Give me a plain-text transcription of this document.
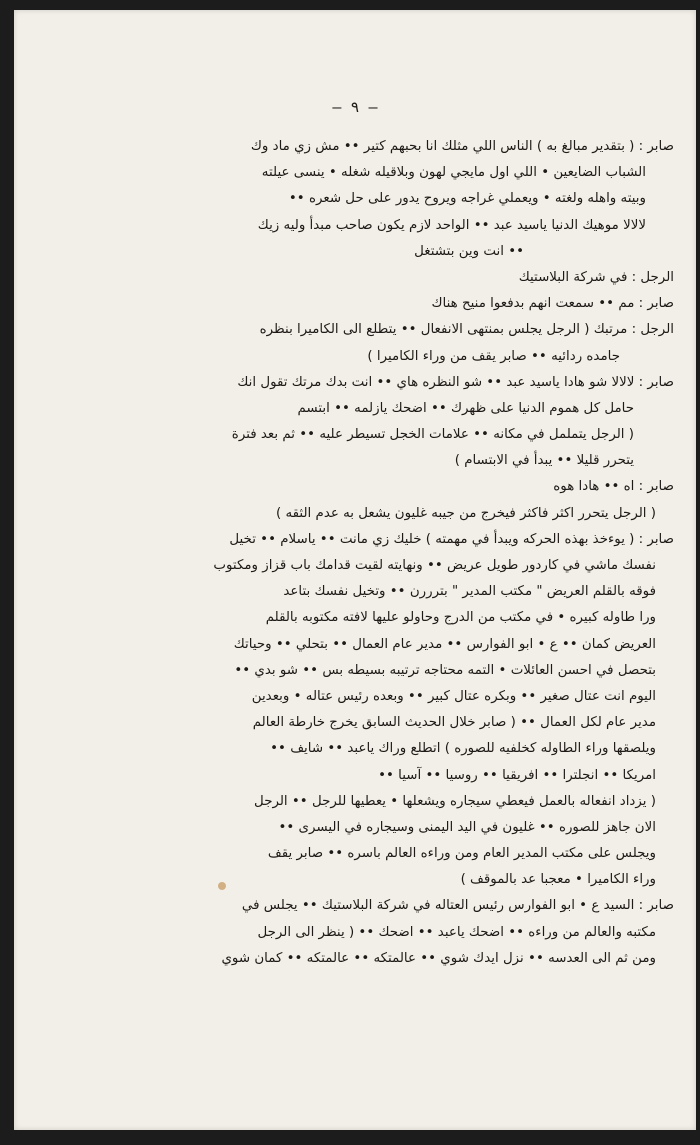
– ٩ –
صابر : ( بتقدير مبالغ به ) الناس اللي مثلك انا بحبهم كتير •• مش زي ماد وك
الشباب الضايعين • اللي اول مايجي لهون وبلاقيله شغله • ينسى عيلته
وبيته واهله ولغته • ويعملي غراجه ويروح يدور على حل شعره ••
لالالا موهيك الدنيا ياسيد عبد •• الواحد لازم يكون صاحب مبدأ وليه زيك
•• انت وين بتشتغل
الرجل : في شركة البلاستيك
صابر : مم •• سمعت انهم بدفعوا منيح هناك
الرجل : مرتبك ( الرجل يجلس بمنتهى الانفعال •• يتطلع الى الكاميرا بنظره
جامده ردائيه •• صابر يقف من وراء الكاميرا )
صابر : لالالا شو هادا ياسيد عبد •• شو النظره هاي •• انت بدك مرتك تقول انك
حامل كل هموم الدنيا على ظهرك •• اضحك يازلمه •• ابتسم
( الرجل يتململ في مكانه •• علامات الخجل تسيطر عليه •• ثم بعد فترة
يتحرر قليلا •• يبدأ في الابتسام )
صابر : اه •• هادا هوه
( الرجل يتحرر اكثر فاكثر فيخرج من جيبه غليون يشعل به عدم الثقه )
صابر : ( يوءخذ بهذه الحركه ويبدأ في مهمته ) خليك زي مانت •• ياسلام •• تخيل
نفسك ماشي في كاردور طويل عريض •• ونهايته لقيت قدامك باب قزاز ومكتوب
فوقه بالقلم العريض " مكتب المدير " بترررن •• وتخيل نفسك بتاعد
ورا طاوله كبيره • في مكتب من الدرج وحاولو عليها لافته مكتوبه بالقلم
العريض كمان •• ع • ابو الفوارس •• مدير عام العمال •• بتحلي •• وحياتك
بتحصل في احسن العائلات • التمه محتاجه ترتيبه بسيطه بس •• شو بدي ••
اليوم انت عتال صغير •• وبكره عتال كبير •• وبعده رئيس عتاله • وبعدين
مدير عام لكل العمال •• ( صابر خلال الحديث السابق يخرج خارطة العالم
ويلصقها وراء الطاوله كخلفيه للصوره ) اتطلع وراك ياعبد •• شايف ••
امريكا •• انجلترا •• افريقيا •• روسيا •• آسيا ••
( يزداد انفعاله بالعمل فيعطي سيجاره ويشعلها • يعطيها للرجل •• الرجل
الان جاهز للصوره •• غليون في اليد اليمنى وسيجاره في اليسرى ••
ويجلس على مكتب المدير العام ومن وراءه العالم باسره •• صابر يقف
وراء الكاميرا • معجبا عد بالموقف )
صابر : السيد ع • ابو الفوارس رئيس العتاله في شركة البلاستيك •• يجلس في
مكتبه والعالم من وراءه •• اضحك ياعبد •• اضحك •• ( ينظر الى الرجل
ومن ثم الى العدسه •• نزل ايدك شوي •• عالمتكه •• عالمتكه •• كمان شوي
